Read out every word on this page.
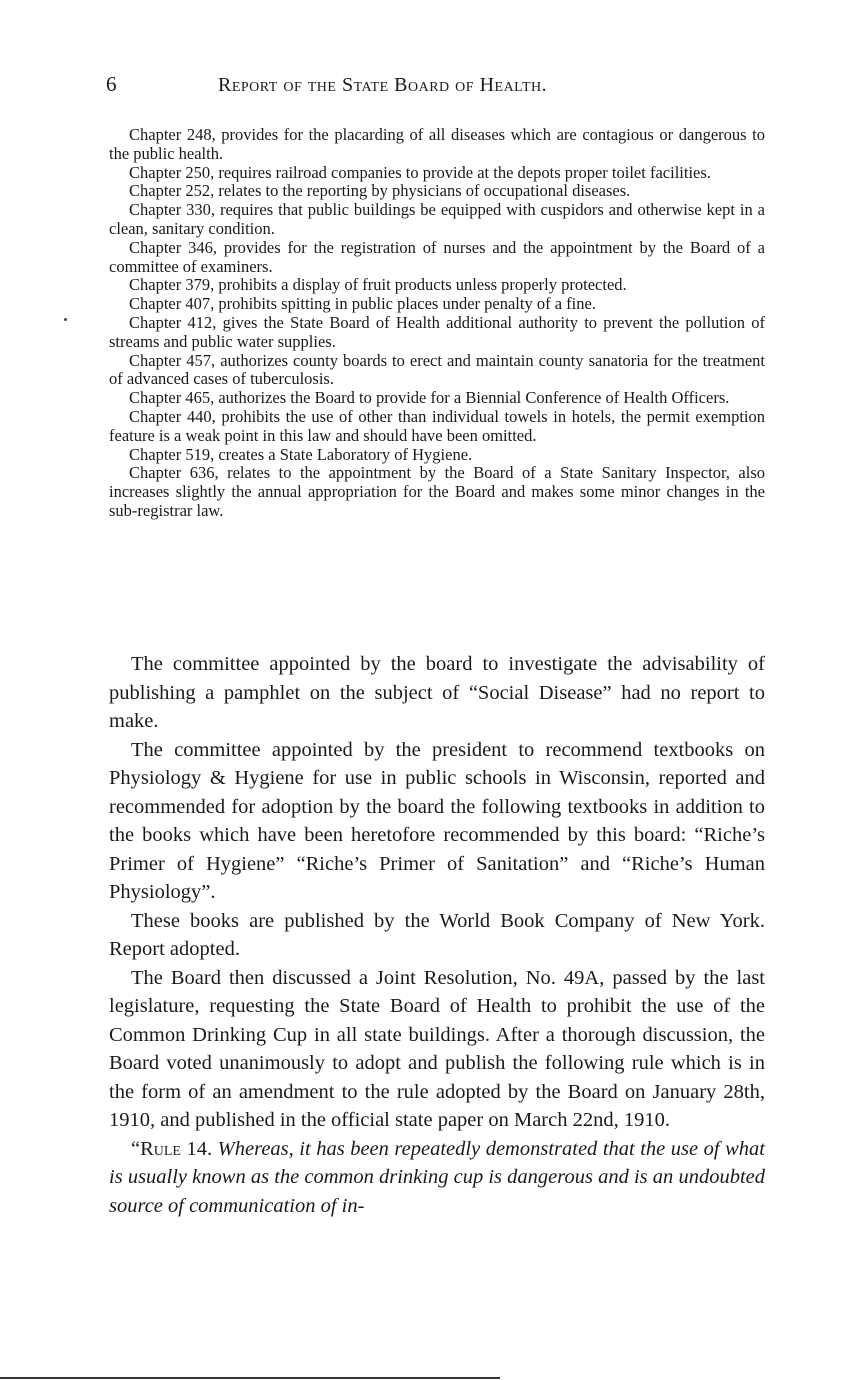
6	Report of the State Board of Health.

Chapter 248, provides for the placarding of all diseases which are contagious or dangerous to the public health.

Chapter 250, requires railroad companies to provide at the depots proper toilet facilities.

Chapter 252, relates to the reporting by physicians of occupational diseases.

Chapter 330, requires that public buildings be equipped with cuspidors and otherwise kept in a clean, sanitary condition.

Chapter 346, provides for the registration of nurses and the appointment by the Board of a committee of examiners.

Chapter 379, prohibits a display of fruit products unless properly protected.

Chapter 407, prohibits spitting in public places under penalty of a fine.

Chapter 412, gives the State Board of Health additional authority to prevent the pollution of streams and public water supplies.

Chapter 457, authorizes county boards to erect and maintain county sanatoria for the treatment of advanced cases of tuberculosis.

Chapter 465, authorizes the Board to provide for a Biennial Conference of Health Officers.

Chapter 440, prohibits the use of other than individual towels in hotels, the permit exemption feature is a weak point in this law and should have been omitted.

Chapter 519, creates a State Laboratory of Hygiene.

Chapter 636, relates to the appointment by the Board of a State Sanitary Inspector, also increases slightly the annual appropriation for the Board and makes some minor changes in the sub-registrar law.

The committee appointed by the board to investigate the advisability of publishing a pamphlet on the subject of “Social Disease” had no report to make.

The committee appointed by the president to recommend textbooks on Physiology & Hygiene for use in public schools in Wisconsin, reported and recommended for adoption by the board the following textbooks in addition to the books which have been heretofore recommended by this board: “Riche’s Primer of Hygiene” “Riche’s Primer of Sanitation” and “Riche’s Human Physiology”.

These books are published by the World Book Company of New York. Report adopted.

The Board then discussed a Joint Resolution, No. 49A, passed by the last legislature, requesting the State Board of Health to prohibit the use of the Common Drinking Cup in all state buildings. After a thorough discussion, the Board voted unanimously to adopt and publish the following rule which is in the form of an amendment to the rule adopted by the Board on January 28th, 1910, and published in the official state paper on March 22nd, 1910.

“Rule 14. Whereas, it has been repeatedly demonstrated that the use of what is usually known as the common drinking cup is dangerous and is an undoubted source of communication of in-
